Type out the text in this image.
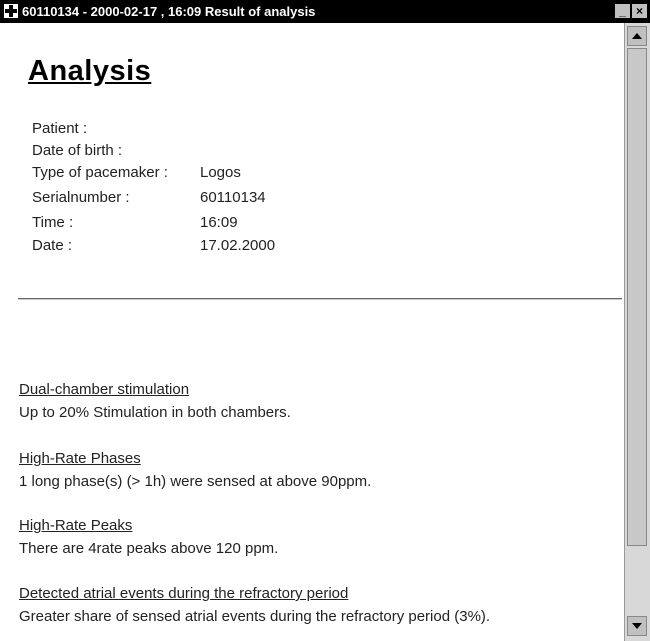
60110134 - 2000-02-17 , 16:09 Result of analysis	_ ×
Analysis
Patient :
Date of birth :
Type of pacemaker : Logos
Serialnumber :	60110134
Time :	16:09
Date :	17.02.2000
Dual-chamber stimulation
Up to 20% Stimulation in both chambers.
High-Rate Phases
1 long phase(s) (> 1h) were sensed at above 90ppm.
High-Rate Peaks
There are 4rate peaks above 120 ppm.
Detected atrial events during the refractory period
Greater share of sensed atrial events during the refractory period (3%).
